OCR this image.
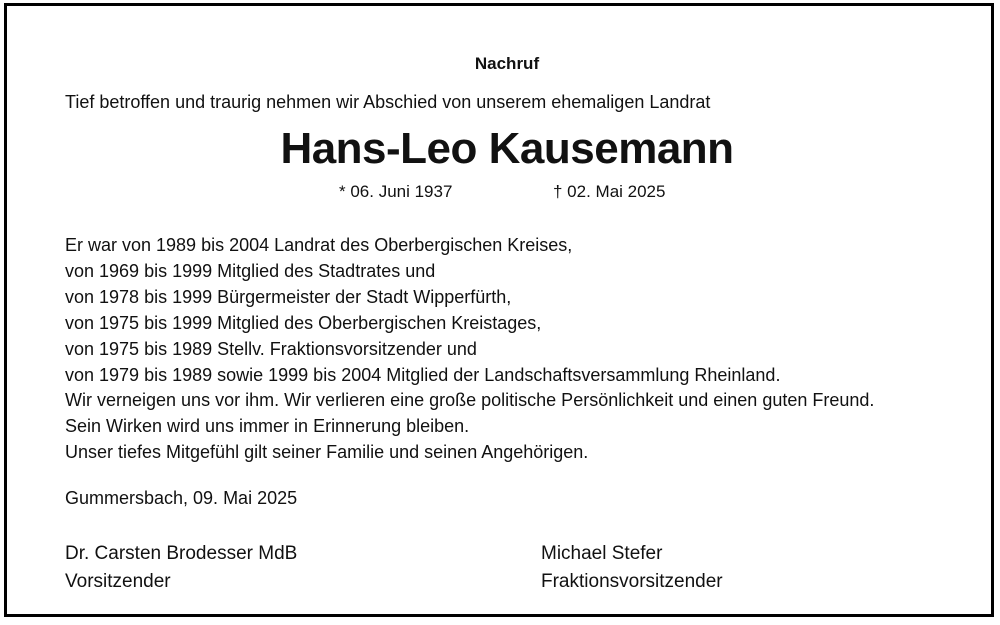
Nachruf
Tief betroffen und traurig nehmen wir Abschied von unserem ehemaligen Landrat
Hans-Leo Kausemann
* 06. Juni 1937	† 02. Mai 2025
Er war von 1989 bis 2004 Landrat des Oberbergischen Kreises,
von 1969 bis 1999 Mitglied des Stadtrates und
von 1978 bis 1999 Bürgermeister der Stadt Wipperfürth,
von 1975 bis 1999 Mitglied des Oberbergischen Kreistages,
von 1975 bis 1989 Stellv. Fraktionsvorsitzender und
von 1979 bis 1989 sowie 1999 bis 2004 Mitglied der Landschaftsversammlung Rheinland.
Wir verneigen uns vor ihm. Wir verlieren eine große politische Persönlichkeit und einen guten Freund.
Sein Wirken wird uns immer in Erinnerung bleiben.
Unser tiefes Mitgefühl gilt seiner Familie und seinen Angehörigen.
Gummersbach, 09. Mai 2025
Dr. Carsten Brodesser MdB
Vorsitzender
Michael Stefer
Fraktionsvorsitzender
